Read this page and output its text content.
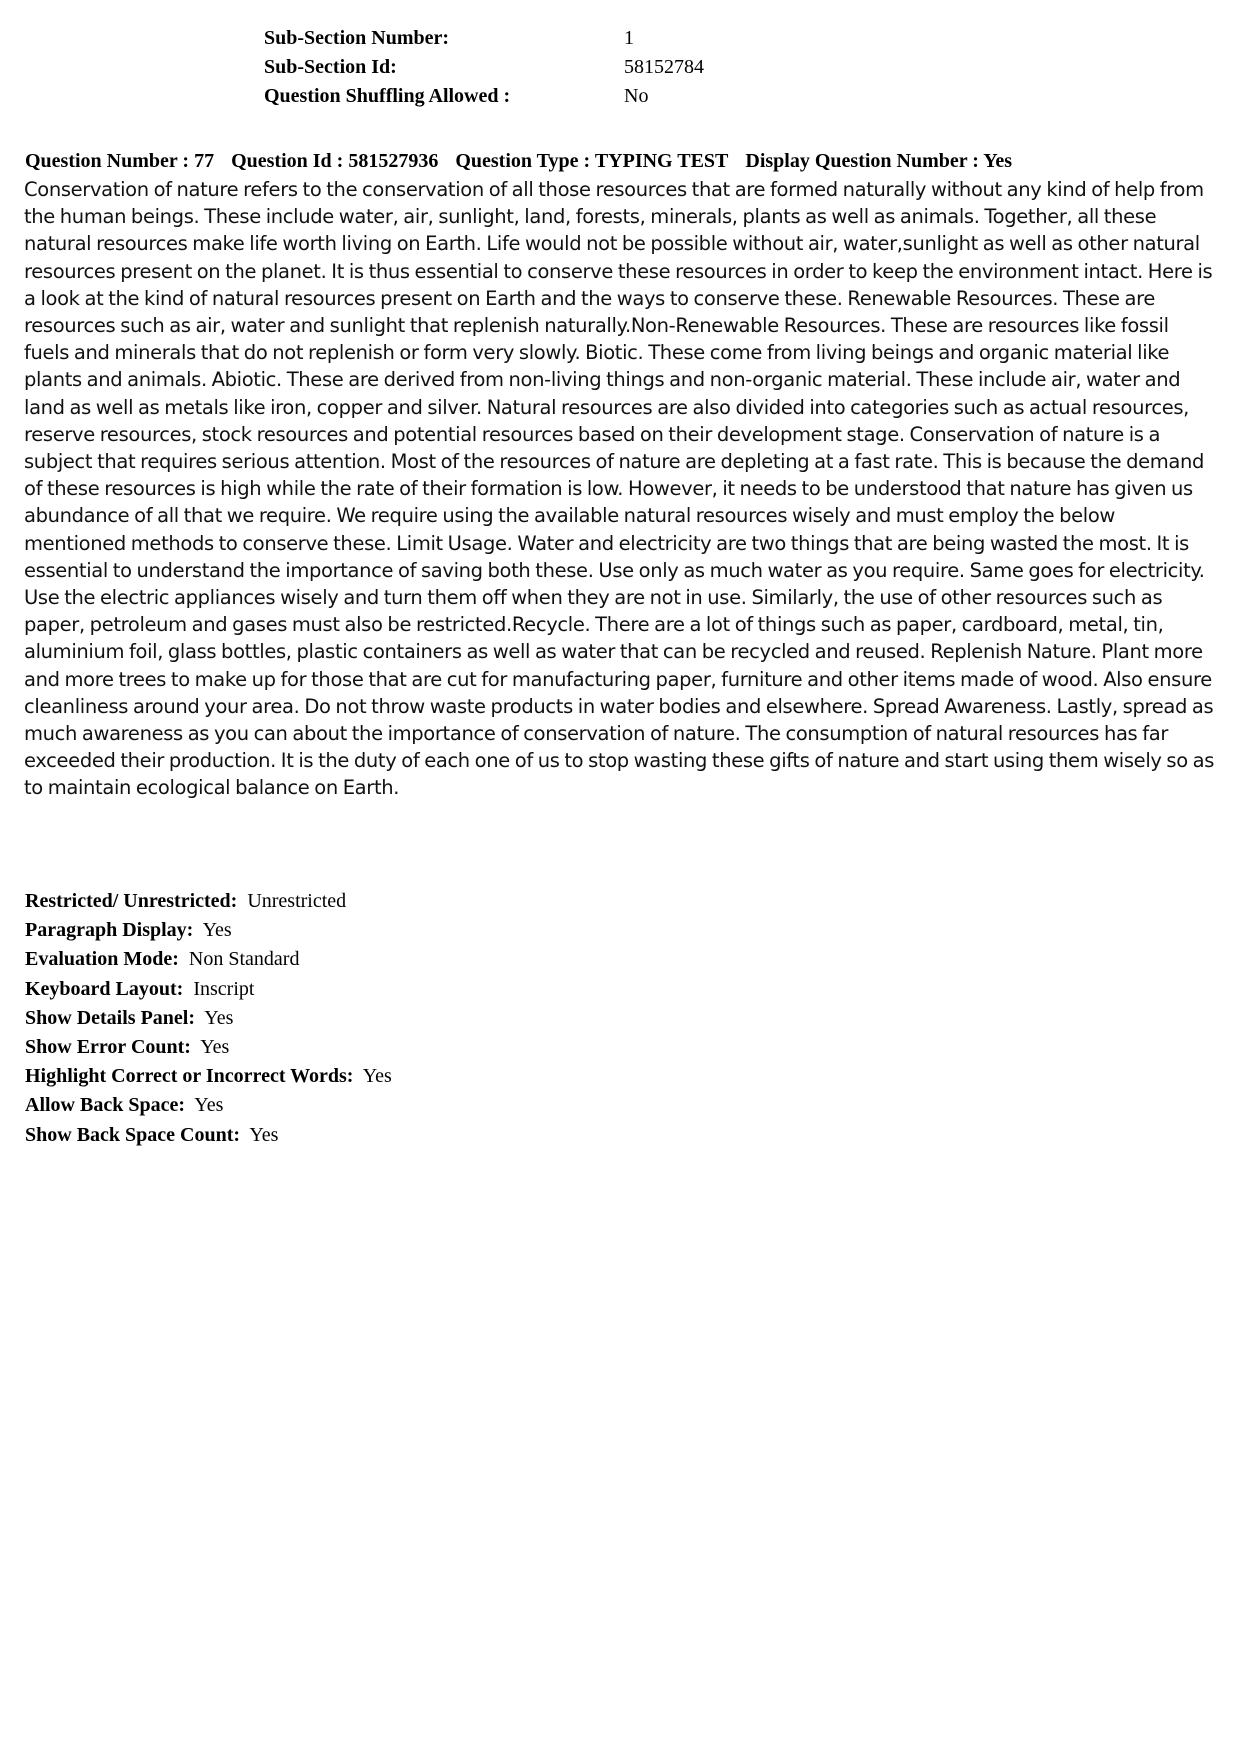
Sub-Section Number:	1
Sub-Section Id:	58152784
Question Shuffling Allowed :	No
Question Number : 77 Question Id : 581527936 Question Type : TYPING TEST Display Question Number : Yes
Conservation of nature refers to the conservation of all those resources that are formed naturally without any kind of help from the human beings. These include water, air, sunlight, land, forests, minerals, plants as well as animals. Together, all these natural resources make life worth living on Earth. Life would not be possible without air, water,sunlight as well as other natural resources present on the planet. It is thus essential to conserve these resources in order to keep the environment intact. Here is a look at the kind of natural resources present on Earth and the ways to conserve these. Renewable Resources. These are resources such as air, water and sunlight that replenish naturally.Non-Renewable Resources. These are resources like fossil fuels and minerals that do not replenish or form very slowly. Biotic. These come from living beings and organic material like plants and animals. Abiotic. These are derived from non-living things and non-organic material. These include air, water and land as well as metals like iron, copper and silver. Natural resources are also divided into categories such as actual resources, reserve resources, stock resources and potential resources based on their development stage. Conservation of nature is a subject that requires serious attention. Most of the resources of nature are depleting at a fast rate. This is because the demand of these resources is high while the rate of their formation is low. However, it needs to be understood that nature has given us abundance of all that we require. We require using the available natural resources wisely and must employ the below mentioned methods to conserve these. Limit Usage. Water and electricity are two things that are being wasted the most. It is essential to understand the importance of saving both these. Use only as much water as you require. Same goes for electricity. Use the electric appliances wisely and turn them off when they are not in use. Similarly, the use of other resources such as paper, petroleum and gases must also be restricted.Recycle. There are a lot of things such as paper, cardboard, metal, tin, aluminium foil, glass bottles, plastic containers as well as water that can be recycled and reused. Replenish Nature. Plant more and more trees to make up for those that are cut for manufacturing paper, furniture and other items made of wood. Also ensure cleanliness around your area. Do not throw waste products in water bodies and elsewhere. Spread Awareness. Lastly, spread as much awareness as you can about the importance of conservation of nature. The consumption of natural resources has far exceeded their production. It is the duty of each one of us to stop wasting these gifts of nature and start using them wisely so as to maintain ecological balance on Earth.
Restricted/ Unrestricted:  Unrestricted
Paragraph Display:  Yes
Evaluation Mode:  Non Standard
Keyboard Layout:  Inscript
Show Details Panel:  Yes
Show Error Count:  Yes
Highlight Correct or Incorrect Words:  Yes
Allow Back Space:  Yes
Show Back Space Count:  Yes
